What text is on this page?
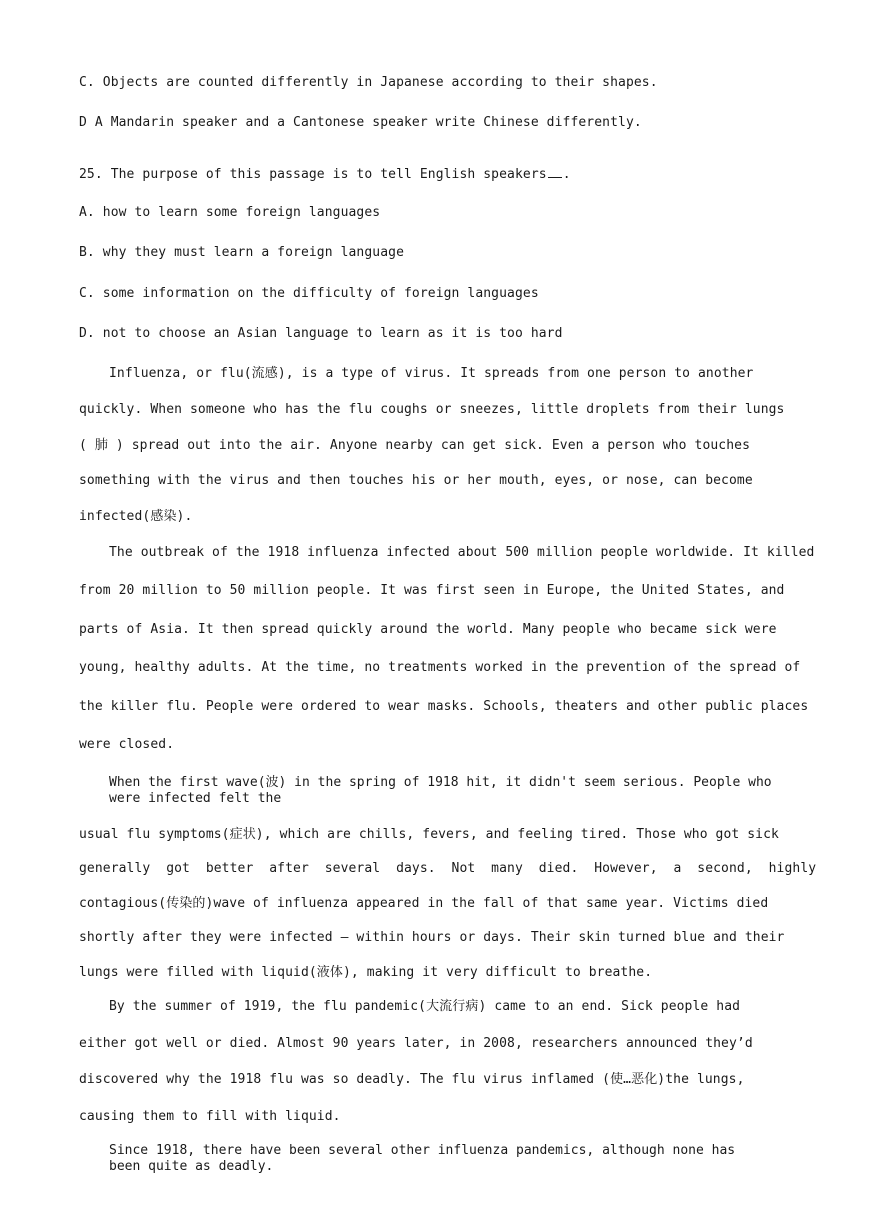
C. Objects are counted differently in Japanese according to their shapes.
D A Mandarin speaker and a Cantonese speaker write Chinese differently.
25. The purpose of this passage is to tell English speakers .
A. how to learn some foreign languages
B. why they must learn a foreign language
C. some information on the difficulty of foreign languages
D. not to choose an Asian language to learn as it is too hard
Influenza, or flu(流感), is a type of virus. It spreads from one person to another
quickly. When someone who has the flu coughs or sneezes, little droplets from their lungs
( 肺 ) spread out into the air. Anyone nearby can get sick. Even a person who touches
something with the virus and then touches his or her mouth, eyes, or nose, can become
infected(感染).
The outbreak of the 1918 influenza infected about 500 million people worldwide. It killed
from 20 million to 50 million people. It was first seen in Europe, the United States, and
parts of Asia. It then spread quickly around the world. Many people who became sick were
young, healthy adults. At the time, no treatments worked in the prevention of the spread of
the killer flu. People were ordered to wear masks. Schools, theaters and other public places
were closed.
When the first wave(波) in the spring of 1918 hit, it didn't seem serious. People who were infected felt the
usual flu symptoms(症状), which are chills, fevers, and feeling tired. Those who got sick
generally  got  better  after  several  days.  Not  many  died.  However,  a  second,  highly
contagious(传染的)wave of influenza appeared in the fall of that same year. Victims died
shortly after they were infected — within hours or days. Their skin turned blue and their
lungs were filled with liquid(液体), making it very difficult to breathe.
By the summer of 1919, the flu pandemic(大流行病) came to an end. Sick people had
either got well or died. Almost 90 years later, in 2008, researchers announced they’d
discovered why the 1918 flu was so deadly. The flu virus inflamed (使…恶化)the lungs,
causing them to fill with liquid.
Since 1918, there have been several other influenza pandemics, although none has been quite as deadly.
